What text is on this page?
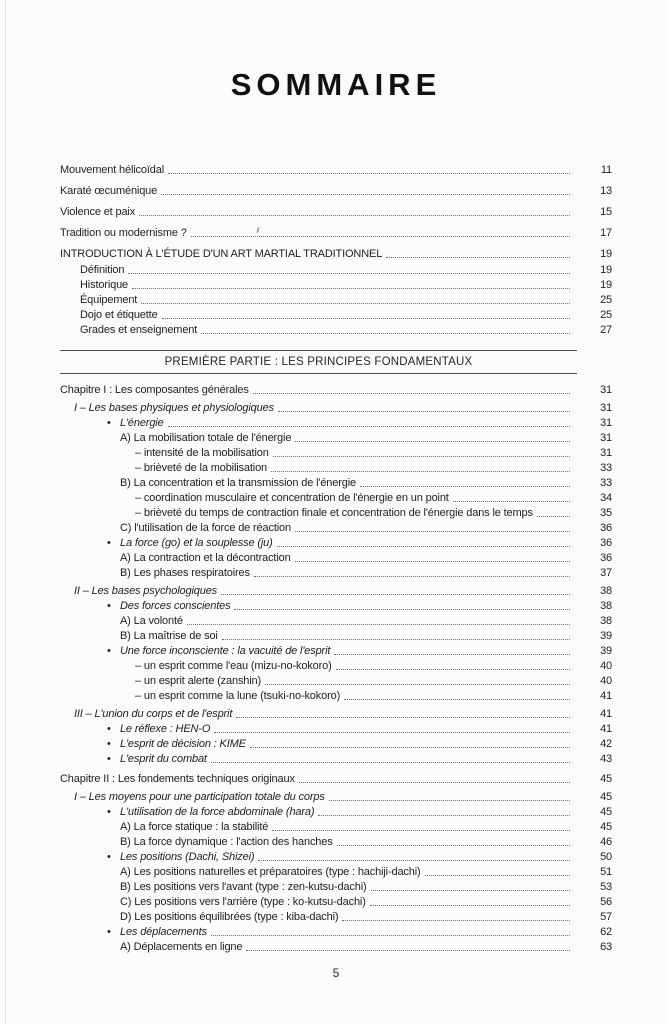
SOMMAIRE
Mouvement hélicoïdal	11
Karaté œcuménique	13
Violence et paix	15
Tradition ou modernisme ?	17
INTRODUCTION À L'ÉTUDE D'UN ART MARTIAL TRADITIONNEL	19
Définition	19
Historique	19
Équipement	25
Dojo et étiquette	25
Grades et enseignement	27
PREMIÈRE PARTIE : LES PRINCIPES FONDAMENTAUX
Chapitre I : Les composantes générales	31
I – Les bases physiques et physiologiques	31
• L'énergie	31
A) La mobilisation totale de l'énergie	31
– intensité de la mobilisation	31
– brièveté de la mobilisation	33
B) La concentration et la transmission de l'énergie	33
– coordination musculaire et concentration de l'énergie en un point	34
– brièveté du temps de contraction finale et concentration de l'énergie dans le temps	35
C) l'utilisation de la force de réaction	36
• La force (go) et la souplesse (ju)	36
A) La contraction et la décontraction	36
B) Les phases respiratoires	37
II – Les bases psychologiques	38
• Des forces conscientes	38
A) La volonté	38
B) La maîtrise de soi	39
• Une force inconsciente : la vacuité de l'esprit	39
– un esprit comme l'eau (mizu-no-kokoro)	40
– un esprit alerte (zanshin)	40
– un esprit comme la lune (tsuki-no-kokoro)	41
III – L'union du corps et de l'esprit	41
• Le réflexe : HEN-O	41
• L'esprit de décision : KIME	42
• L'esprit du combat	43
Chapitre II : Les fondements techniques originaux	45
I – Les moyens pour une participation totale du corps	45
• L'utilisation de la force abdominale (hara)	45
A) La force statique : la stabilité	45
B) La force dynamique : l'action des hanches	46
• Les positions (Dachi, Shizei)	50
A) Les positions naturelles et préparatoires (type : hachiji-dachi)	51
B) Les positions vers l'avant (type : zen-kutsu-dachi)	53
C) Les positions vers l'arrière (type : ko-kutsu-dachi)	56
D) Les positions équilibrées (type : kiba-dachi)	57
• Les déplacements	62
A) Déplacements en ligne	63
5
